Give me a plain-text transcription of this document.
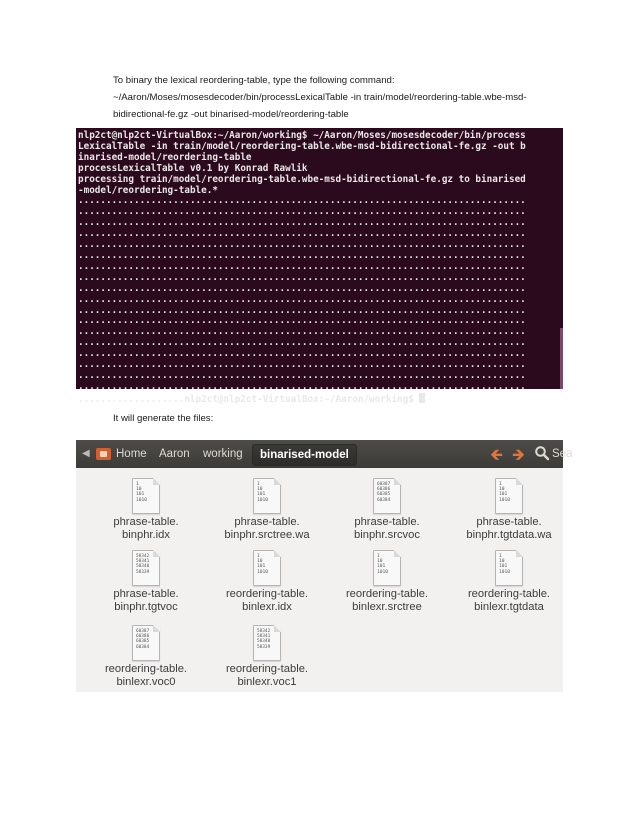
To binary the lexical reordering-table, type the following command:
~/Aaron/Moses/mosesdecoder/bin/processLexicalTable -in train/model/reordering-table.wbe-msd-bidirectional-fe.gz -out binarised-model/reordering-table

nlp2ct@nlp2ct-VirtualBox:~/Aaron/working$ ~/Aaron/Moses/mosesdecoder/bin/process
LexicalTable -in train/model/reordering-table.wbe-msd-bidirectional-fe.gz -out b
inarised-model/reordering-table
processLexicalTable v0.1 by Konrad Rawlik
processing train/model/reordering-table.wbe-msd-bidirectional-fe.gz to binarised
-model/reordering-table.*
................................................................................
................................................................................
................................................................................
................................................................................
................................................................................
................................................................................
................................................................................
................................................................................
................................................................................
................................................................................
................................................................................
................................................................................
................................................................................
................................................................................
................................................................................
................................................................................
................................................................................
................................................................................
...................nlp2ct@nlp2ct-VirtualBox:~/Aaron/working$

It will generate the files:

◀ Home Aaron working	binarised-model	🡸 🡺 Sea
1
10
101
1010
phrase-table.
binphr.idx
1
10
101
1010
phrase-table.
binphr.srctree.wa
60387
60386
60385
60384
phrase-table.
binphr.srcvoc
1
10
101
1010
phrase-table.
binphr.tgtdata.wa
58342
58341
58340
58339
phrase-table.
binphr.tgtvoc
1
10
101
1010
reordering-table.
binlexr.idx
1
10
101
1010
reordering-table.
binlexr.srctree
1
10
101
1010
reordering-table.
binlexr.tgtdata
60387
60386
60385
60384
reordering-table.
binlexr.voc0
58342
58341
58340
58339
reordering-table.
binlexr.voc1
